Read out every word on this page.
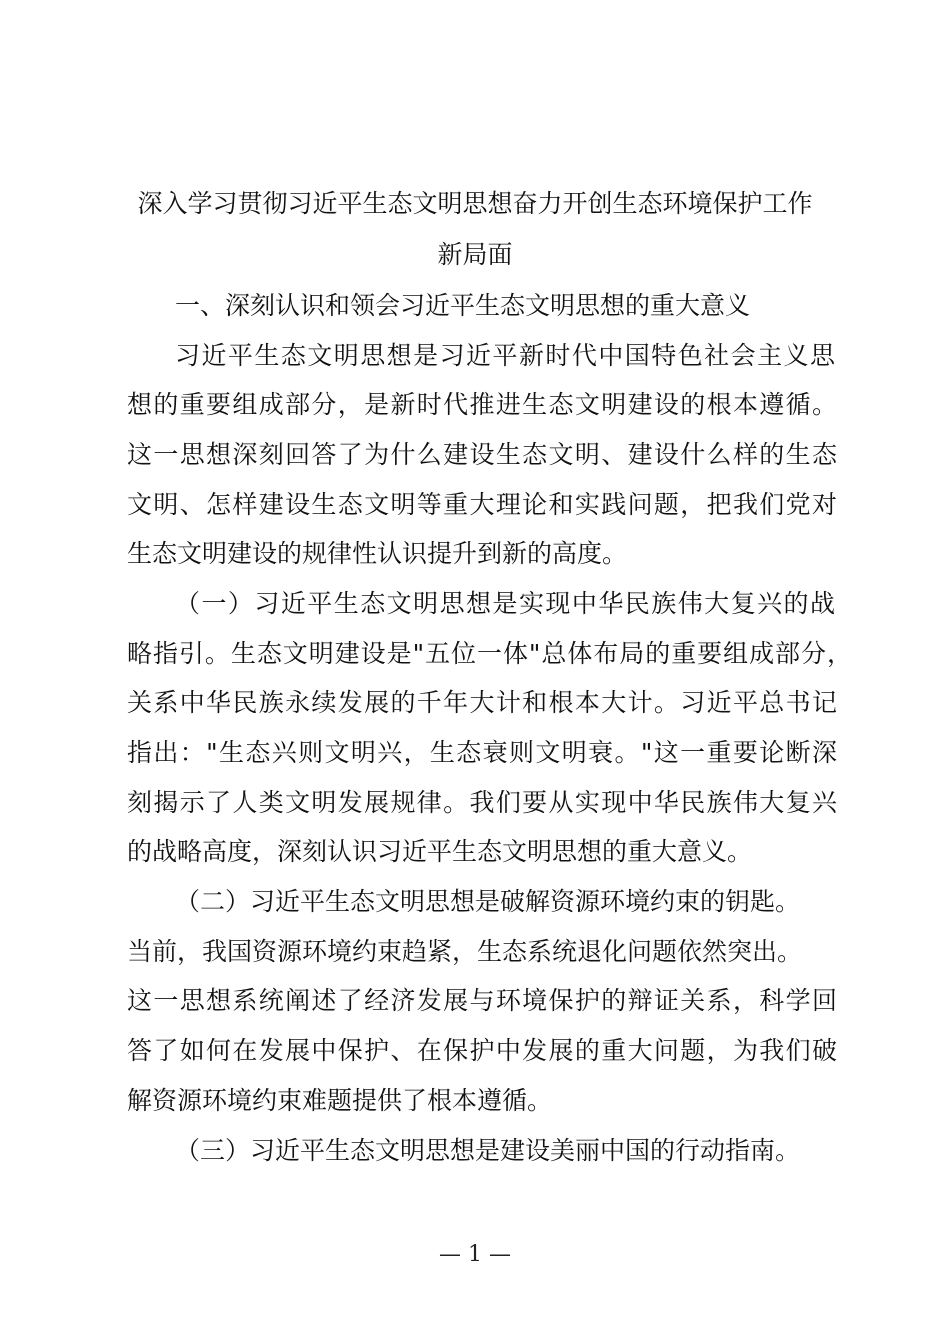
深入学习贯彻习近平生态文明思想奋力开创生态环境保护工作
新局面
一、深刻认识和领会习近平生态文明思想的重大意义
习近平生态文明思想是习近平新时代中国特色社会主义思
想的重要组成部分，是新时代推进生态文明建设的根本遵循。
这一思想深刻回答了为什么建设生态文明、建设什么样的生态
文明、怎样建设生态文明等重大理论和实践问题，把我们党对
生态文明建设的规律性认识提升到新的高度。
（一）习近平生态文明思想是实现中华民族伟大复兴的战
略指引。生态文明建设是"五位一体"总体布局的重要组成部分，
关系中华民族永续发展的千年大计和根本大计。习近平总书记
指出："生态兴则文明兴，生态衰则文明衰。"这一重要论断深
刻揭示了人类文明发展规律。我们要从实现中华民族伟大复兴
的战略高度，深刻认识习近平生态文明思想的重大意义。
（二）习近平生态文明思想是破解资源环境约束的钥匙。
当前，我国资源环境约束趋紧，生态系统退化问题依然突出。
这一思想系统阐述了经济发展与环境保护的辩证关系，科学回
答了如何在发展中保护、在保护中发展的重大问题，为我们破
解资源环境约束难题提供了根本遵循。
（三）习近平生态文明思想是建设美丽中国的行动指南。
— 1 —
